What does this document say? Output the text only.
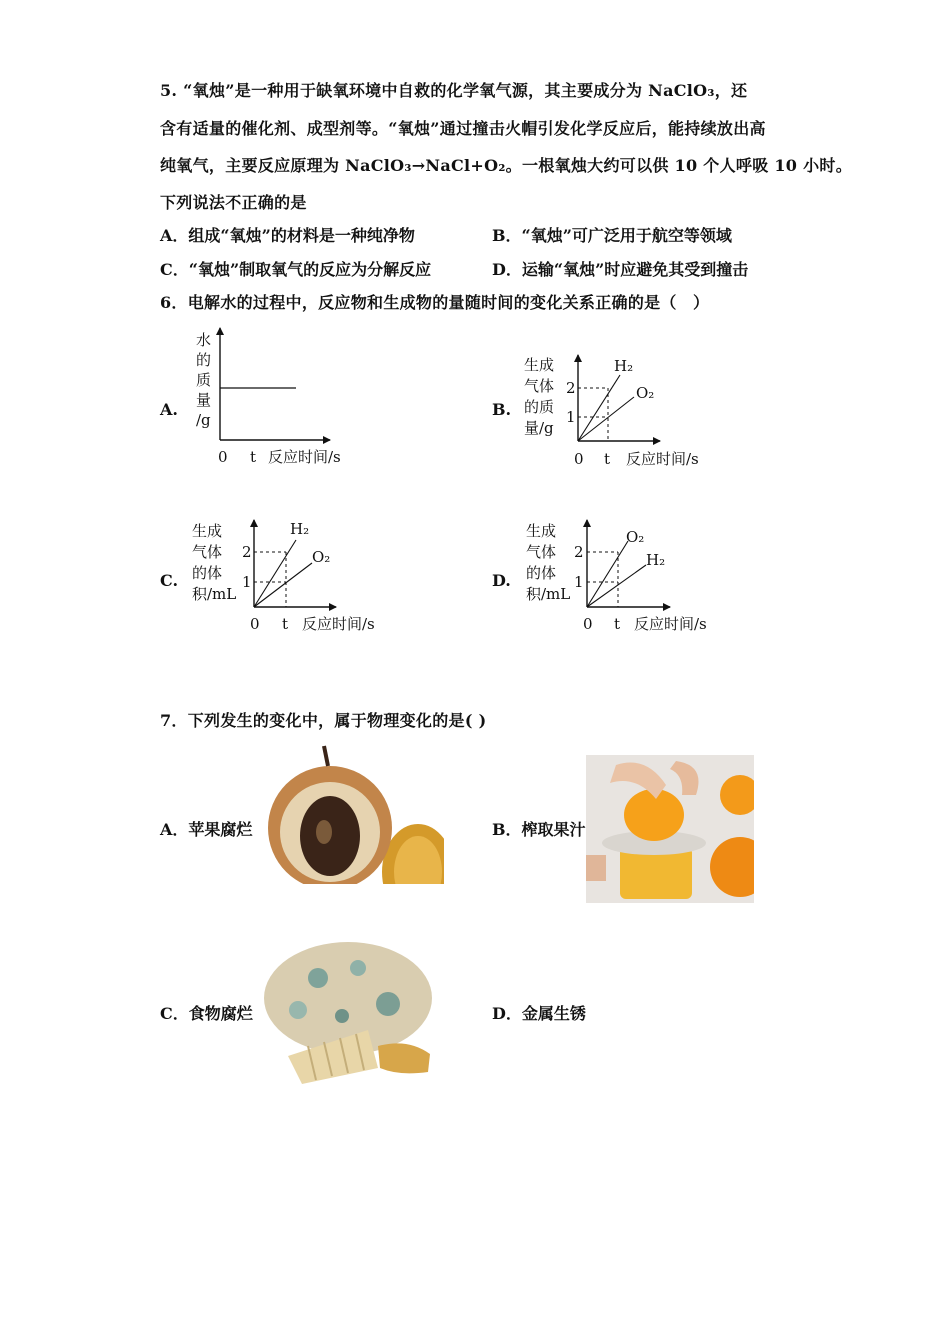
5. “氧烛”是一种用于缺氧环境中自救的化学氧气源，其主要成分为 NaClO₃，还
含有适量的催化剂、成型剂等。“氧烛”通过撞击火帽引发化学反应后，能持续放出高
纯氧气，主要反应原理为 NaClO₃→NaCl+O₂。一根氧烛大约可以供 10 个人呼吸 10 小时。
下列说法不正确的是
A．组成“氧烛”的材料是一种纯净物	B．“氧烛”可广泛用于航空等领域
C．“氧烛”制取氧气的反应为分解反应	D．运输“氧烛”时应避免其受到撞击
6．电解水的过程中，反应物和生成物的量随时间的变化关系正确的是（　）
A.	B.
C.	D.
水
的
质
量
/g
0 t 反应时间/s
生成
气体
的质
量/g
2
1
H₂
O₂
0 t 反应时间/s
生成
气体
的体
积/mL
2
1
H₂
O₂
0 t 反应时间/s
生成
气体
的体
积/mL
2
1
O₂
H₂
0 t 反应时间/s
7．下列发生的变化中，属于物理变化的是( )
A．苹果腐烂	B．榨取果汁
C．食物腐烂	D．金属生锈
